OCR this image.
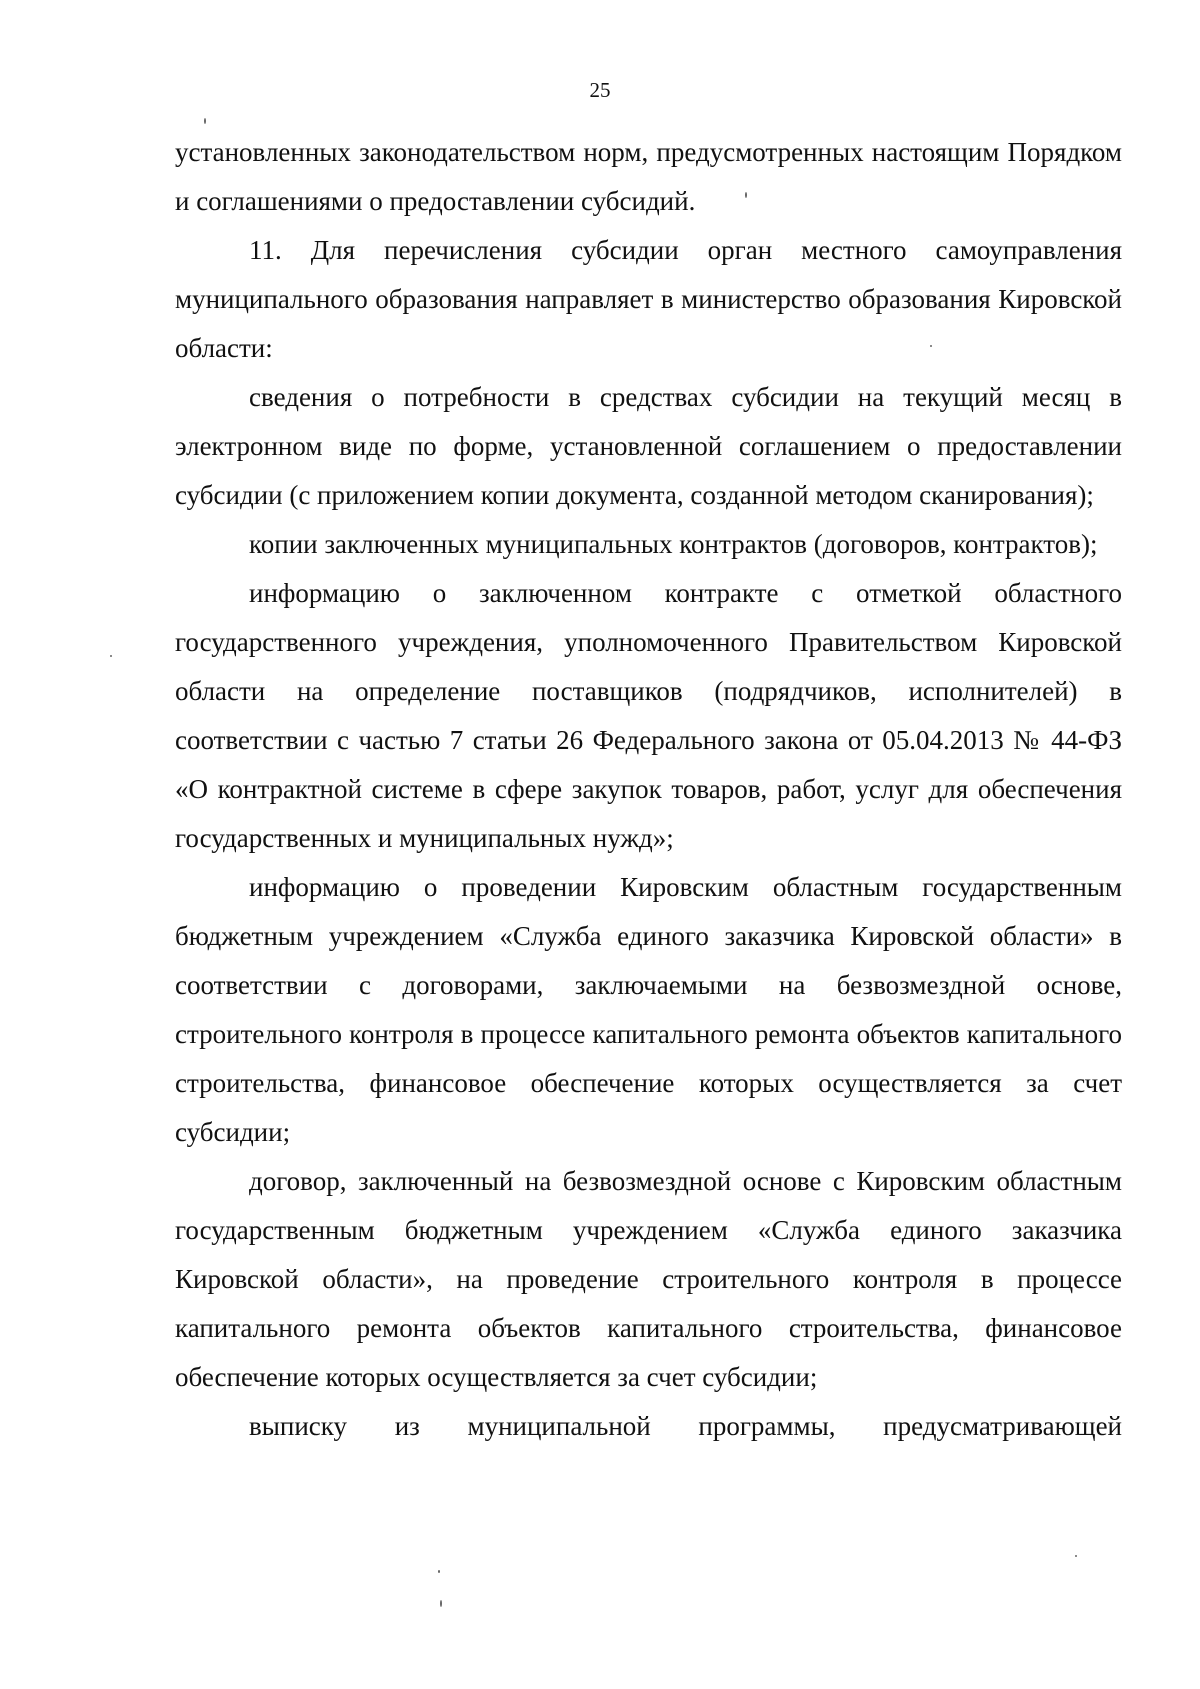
25

установленных законодательством норм, предусмотренных настоящим Порядком и соглашениями о предоставлении субсидий.

11. Для перечисления субсидии орган местного самоуправления муниципального образования направляет в министерство образования Кировской области:

сведения о потребности в средствах субсидии на текущий месяц в электронном виде по форме, установленной соглашением о предоставлении субсидии (с приложением копии документа, созданной методом сканирования);

копии заключенных муниципальных контрактов (договоров, контрактов);

информацию о заключенном контракте с отметкой областного государственного учреждения, уполномоченного Правительством Кировской области на определение поставщиков (подрядчиков, исполнителей) в соответствии с частью 7 статьи 26 Федерального закона от 05.04.2013 № 44-ФЗ «О контрактной системе в сфере закупок товаров, работ, услуг для обеспечения государственных и муниципальных нужд»;

информацию о проведении Кировским областным государственным бюджетным учреждением «Служба единого заказчика Кировской области» в соответствии с договорами, заключаемыми на безвозмездной основе, строительного контроля в процессе капитального ремонта объектов капитального строительства, финансовое обеспечение которых осуществляется за счет субсидии;

договор, заключенный на безвозмездной основе с Кировским областным государственным бюджетным учреждением «Служба единого заказчика Кировской области», на проведение строительного контроля в процессе капитального ремонта объектов капитального строительства, финансовое обеспечение которых осуществляется за счет субсидии;

выписку из муниципальной программы, предусматривающей
